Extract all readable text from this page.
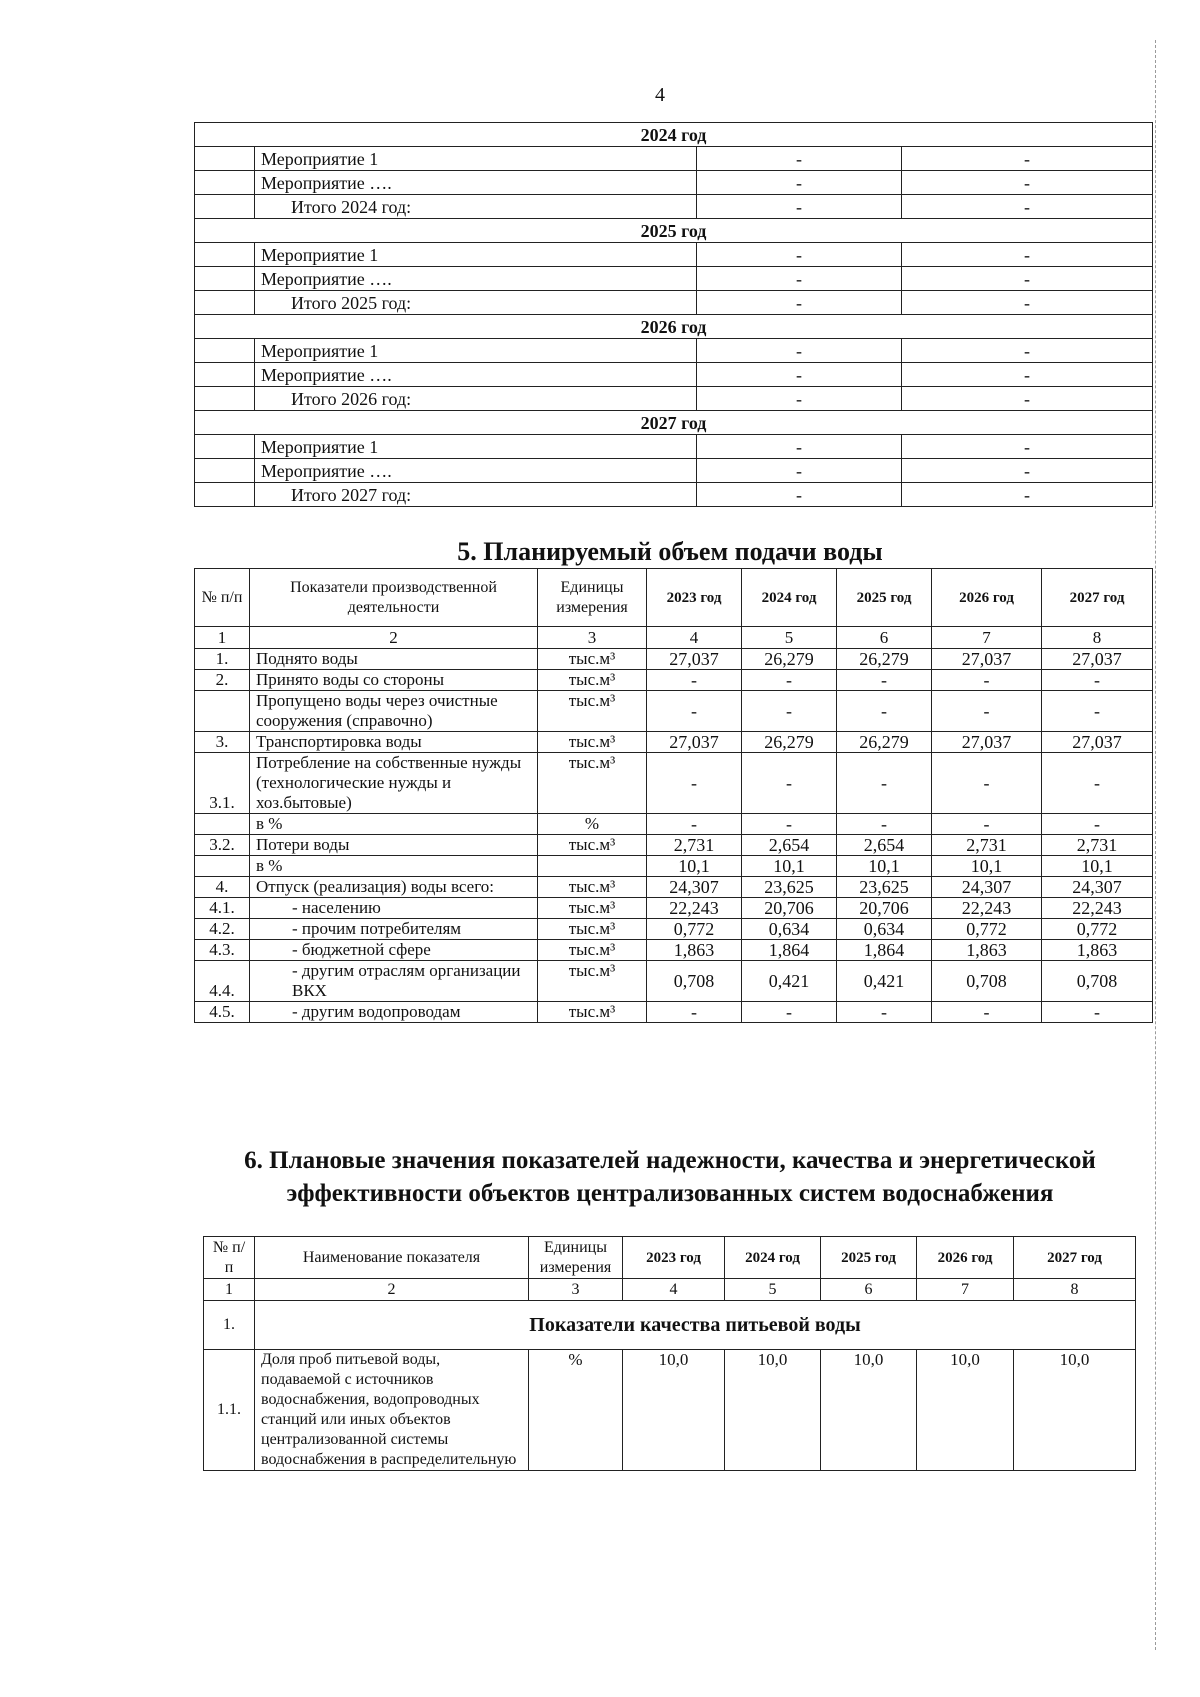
4
2024 год			
	Мероприятие 1	-	-
	Мероприятие ….	-	-
	Итого 2024 год:	-	-
2025 год			
	Мероприятие 1	-	-
	Мероприятие ….	-	-
	Итого 2025 год:	-	-
2026 год			
	Мероприятие 1	-	-
	Мероприятие ….	-	-
	Итого 2026 год:	-	-
2027 год			
	Мероприятие 1	-	-
	Мероприятие ….	-	-
	Итого 2027 год:	-	-
5. Планируемый объем подачи воды
№ п/п	Показатели производственной деятельности	Единицы измерения	2023 год	2024 год	2025 год	2026 год	2027 год
1	2	3	4	5	6	7	8
1.	Поднято воды	тыс.м³	27,037	26,279	26,279	27,037	27,037
2.	Принято воды со стороны	тыс.м³	-	-	-	-	-
	Пропущено воды через очистные сооружения (справочно)	тыс.м³	-	-	-	-	-
3.	Транспортировка воды	тыс.м³	27,037	26,279	26,279	27,037	27,037
3.1.	Потребление на собственные нужды (технологические нужды и хоз.бытовые)	тыс.м³	-	-	-	-	-
	в %	%	-	-	-	-	-
3.2.	Потери воды	тыс.м³	2,731	2,654	2,654	2,731	2,731
	в %		10,1	10,1	10,1	10,1	10,1
4.	Отпуск (реализация) воды всего:	тыс.м³	24,307	23,625	23,625	24,307	24,307
4.1.	- населению	тыс.м³	22,243	20,706	20,706	22,243	22,243
4.2.	- прочим потребителям	тыс.м³	0,772	0,634	0,634	0,772	0,772
4.3.	- бюджетной сфере	тыс.м³	1,863	1,864	1,864	1,863	1,863
4.4.	- другим отраслям организации ВКХ	тыс.м³	0,708	0,421	0,421	0,708	0,708
4.5.	- другим водопроводам	тыс.м³	-	-	-	-	-
6. Плановые значения показателей надежности, качества и энергетической эффективности объектов централизованных систем водоснабжения
№ п/п	Наименование показателя	Единицы измерения	2023 год	2024 год	2025 год	2026 год	2027 год
1	2	3	4	5	6	7	8
1.	Показатели качества питьевой воды						
1.1.	Доля проб питьевой воды, подаваемой с источников водоснабжения, водопроводных станций или иных объектов централизованной системы водоснабжения в распределительную	%	10,0	10,0	10,0	10,0	10,0
